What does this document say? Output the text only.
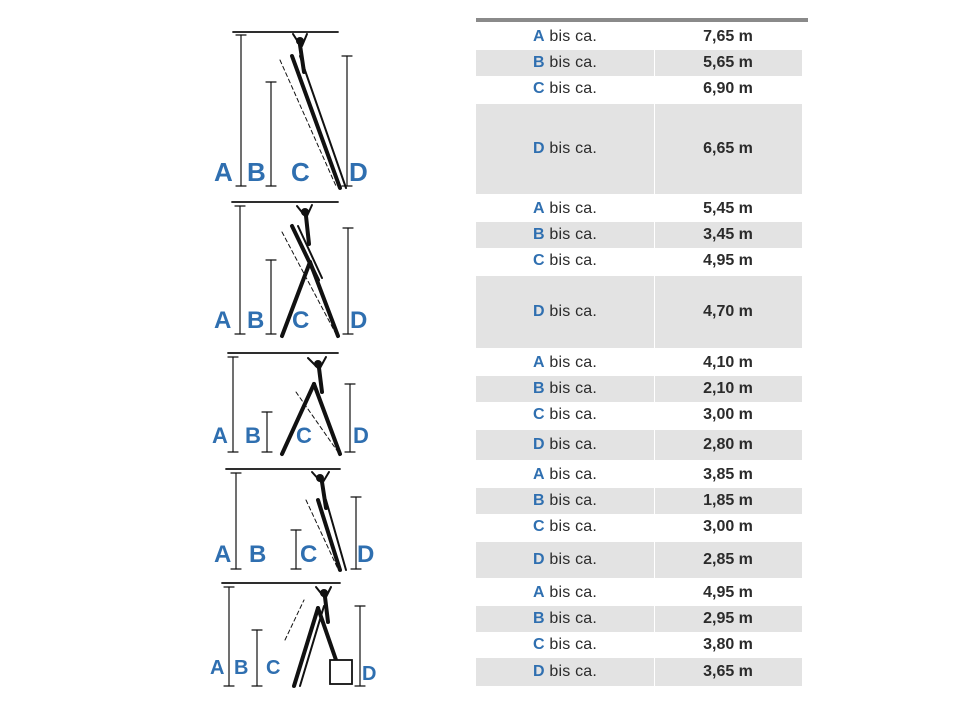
A B C D
A B C D
A B C D
A B C D
A B C	D
A bis ca.	7,65 m
B bis ca.	5,65 m
C bis ca.	6,90 m
D bis ca.	6,65 m
A bis ca.	5,45 m
B bis ca.	3,45 m
C bis ca.	4,95 m
D bis ca.	4,70 m
A bis ca.	4,10 m
B bis ca.	2,10 m
C bis ca.	3,00 m
D bis ca.	2,80 m
A bis ca.	3,85 m
B bis ca.	1,85 m
C bis ca.	3,00 m
D bis ca.	2,85 m
A bis ca.	4,95 m
B bis ca.	2,95 m
C bis ca.	3,80 m
D bis ca.	3,65 m
